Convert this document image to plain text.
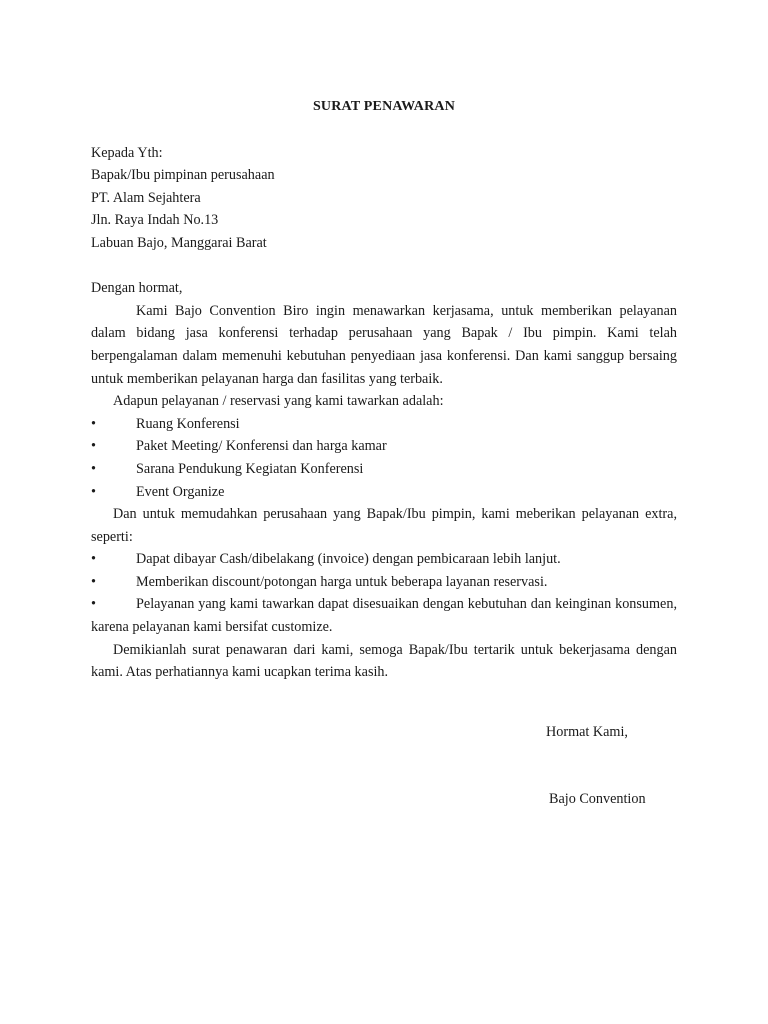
SURAT PENAWARAN

Kepada Yth:

Bapak/Ibu pimpinan perusahaan

PT. Alam Sejahtera

Jln. Raya Indah No.13

Labuan Bajo, Manggarai Barat

Dengan hormat,

Kami Bajo Convention Biro ingin menawarkan kerjasama, untuk memberikan pelayanan dalam bidang jasa konferensi terhadap perusahaan yang Bapak / Ibu pimpin. Kami telah berpengalaman dalam memenuhi kebutuhan penyediaan jasa konferensi. Dan kami sanggup bersaing untuk memberikan pelayanan harga dan fasilitas yang terbaik.

Adapun pelayanan / reservasi yang kami tawarkan adalah:

•	Ruang Konferensi
•	Paket Meeting/ Konferensi dan harga kamar
•	Sarana Pendukung Kegiatan Konferensi
•	Event Organize

Dan untuk memudahkan perusahaan yang Bapak/Ibu pimpin, kami meberikan pelayanan extra, seperti:

•	Dapat dibayar Cash/dibelakang (invoice) dengan pembicaraan lebih lanjut.
•	Memberikan discount/potongan harga untuk beberapa layanan reservasi.
•	Pelayanan yang kami tawarkan dapat disesuaikan dengan kebutuhan dan keinginan konsumen, karena pelayanan kami bersifat customize.

Demikianlah surat penawaran dari kami, semoga Bapak/Ibu tertarik untuk bekerjasama dengan kami. Atas perhatiannya kami ucapkan terima kasih.

Hormat Kami,
Bajo Convention
